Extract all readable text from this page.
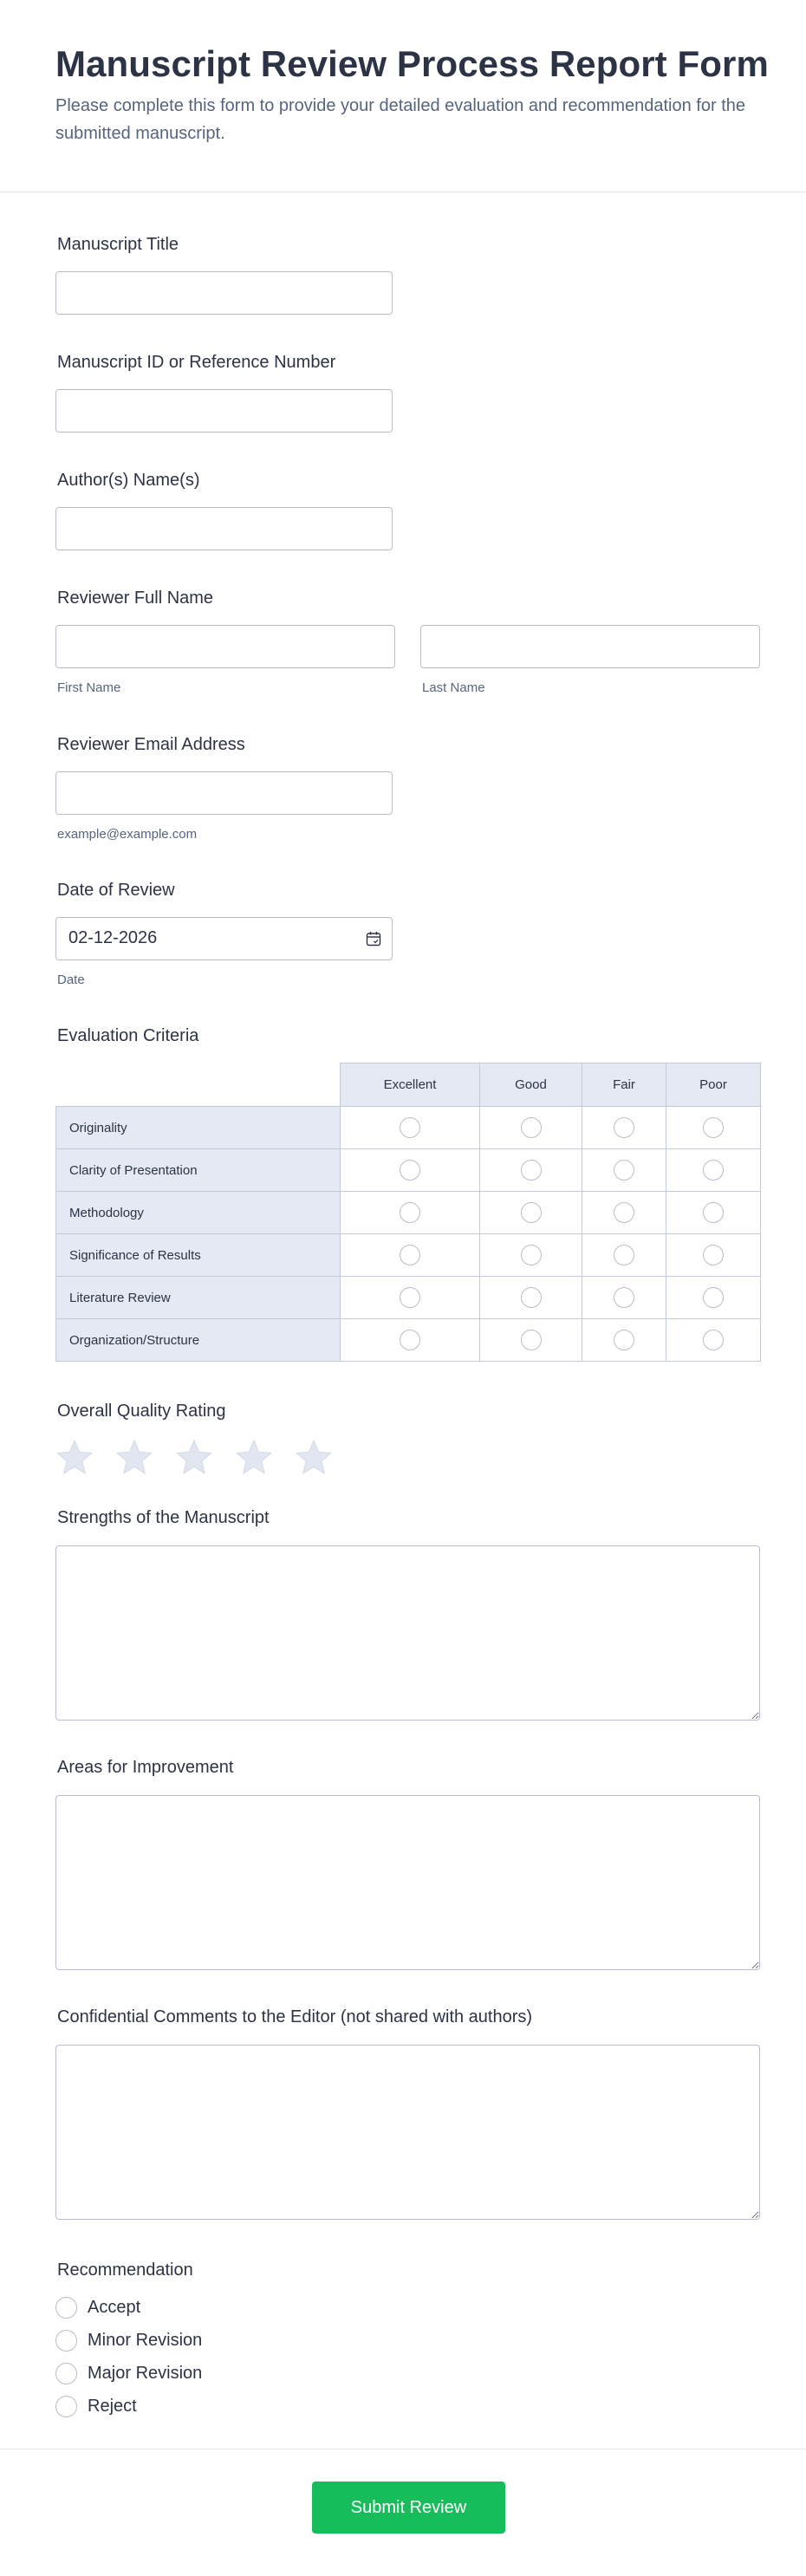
Manuscript Review Process Report Form

Please complete this form to provide your detailed evaluation and recommendation for the submitted manuscript.

Manuscript Title
Manuscript ID or Reference Number
Author(s) Name(s)
Reviewer Full Name
First Name	Last Name
Reviewer Email Address
example@example.com
Date of Review
02-12-2026
Date
Evaluation Criteria
	Excellent	Good	Fair	Poor
Originality				
Clarity of Presentation				
Methodology				
Significance of Results				
Literature Review				
Organization/Structure				
Overall Quality Rating
Strengths of the Manuscript
Areas for Improvement
Confidential Comments to the Editor (not shared with authors)
Recommendation
Accept
Minor Revision
Major Revision
Reject
Submit Review
